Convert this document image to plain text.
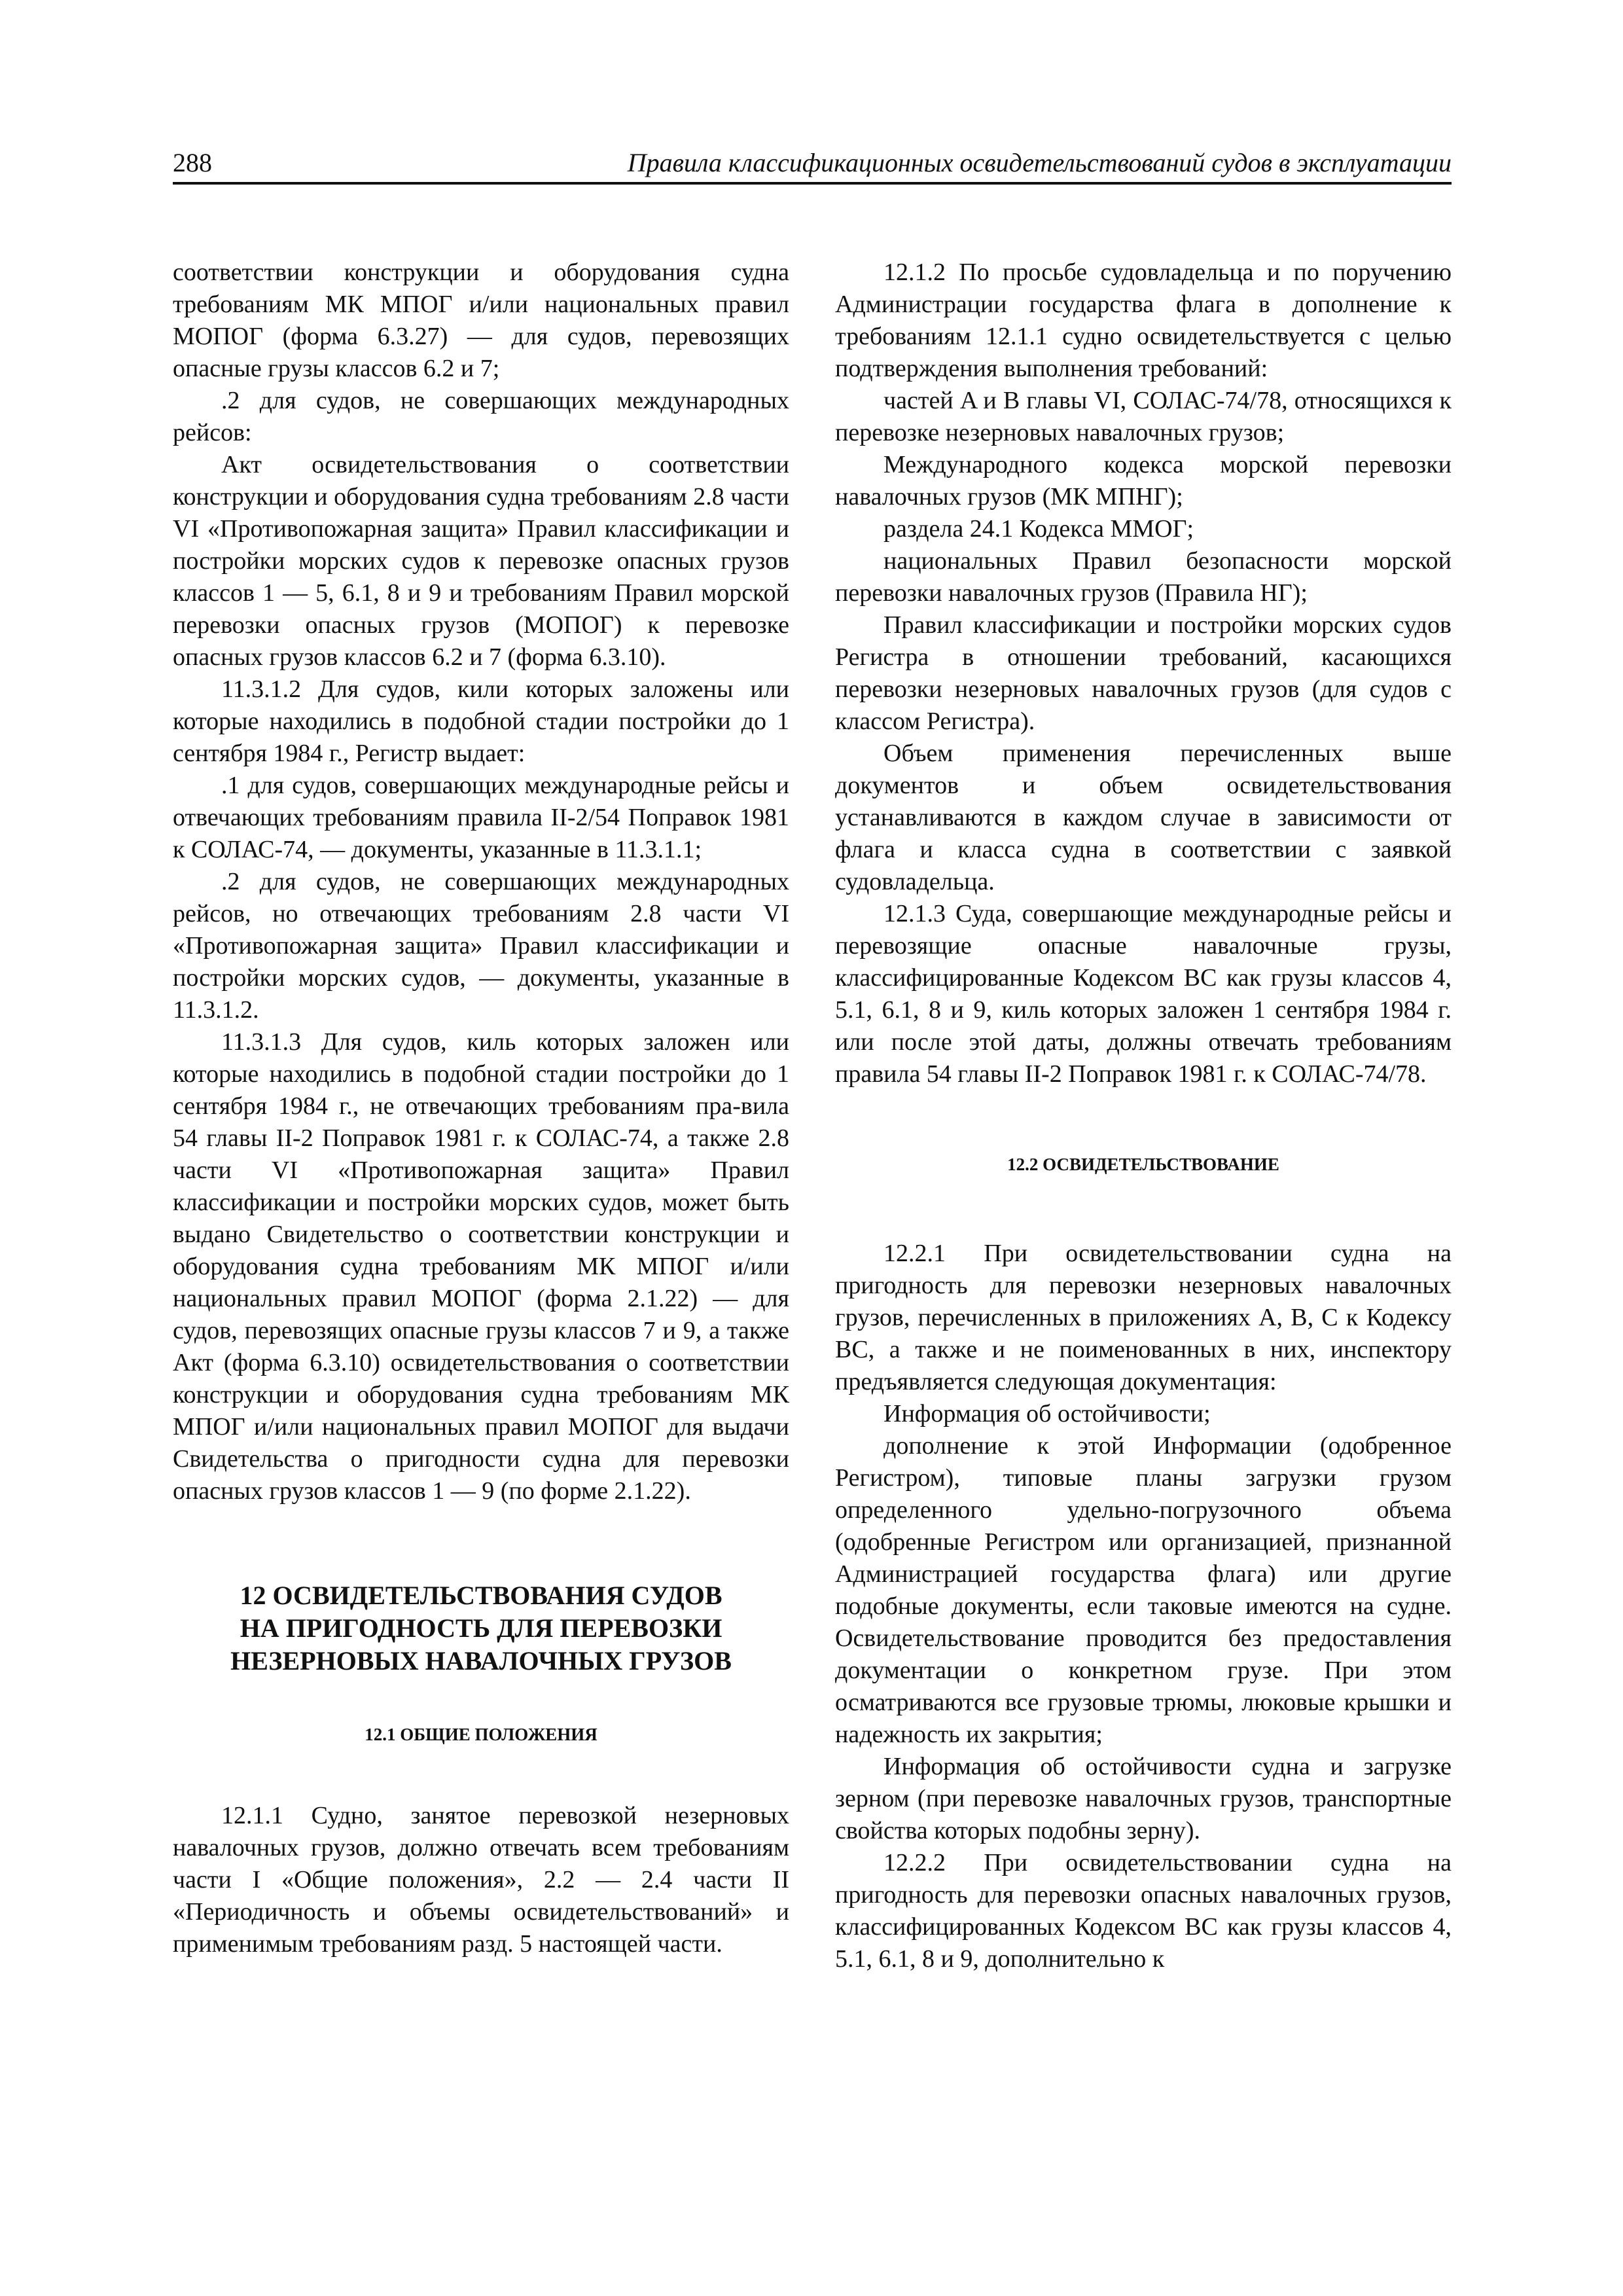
288	Правила классификационных освидетельствований судов в эксплуатации

соответствии конструкции и оборудования судна требованиям МК МПОГ и/или национальных правил МОПОГ (форма 6.3.27) — для судов, перевозящих опасные грузы классов 6.2 и 7;

.2 для судов, не совершающих международных рейсов:

Акт освидетельствования о соответствии конструкции и оборудования судна требованиям 2.8 части VI «Противопожарная защита» Правил классификации и постройки морских судов к перевозке опасных грузов классов 1 — 5, 6.1, 8 и 9 и требованиям Правил морской перевозки опасных грузов (МОПОГ) к перевозке опасных грузов классов 6.2 и 7 (форма 6.3.10).

11.3.1.2 Для судов, кили которых заложены или которые находились в подобной стадии постройки до 1 сентября 1984 г., Регистр выдает:

.1 для судов, совершающих международные рейсы и отвечающих требованиям правила II-2/54 Поправок 1981 к СОЛАС-74, — документы, указанные в 11.3.1.1;

.2 для судов, не совершающих международных рейсов, но отвечающих требованиям 2.8 части VI «Противопожарная защита» Правил классификации и постройки морских судов, — документы, указанные в 11.3.1.2.

11.3.1.3 Для судов, киль которых заложен или которые находились в подобной стадии постройки до 1 сентября 1984 г., не отвечающих требованиям пра-вила 54 главы II-2 Поправок 1981 г. к СОЛАС-74, а также 2.8 части VI «Противопожарная защита» Правил классификации и постройки морских судов, может быть выдано Свидетельство о соответствии конструкции и оборудования судна требованиям МК МПОГ и/или национальных правил МОПОГ (форма 2.1.22) — для судов, перевозящих опасные грузы классов 7 и 9, а также Акт (форма 6.3.10) освидетельствования о соответствии конструкции и оборудования судна требованиям МК МПОГ и/или национальных правил МОПОГ для выдачи Свидетельства о пригодности судна для перевозки опасных грузов классов 1 — 9 (по форме 2.1.22).

12 ОСВИДЕТЕЛЬСТВОВАНИЯ СУДОВ
НА ПРИГОДНОСТЬ ДЛЯ ПЕРЕВОЗКИ
НЕЗЕРНОВЫХ НАВАЛОЧНЫХ ГРУЗОВ
12.1 ОБЩИЕ ПОЛОЖЕНИЯ

12.1.1 Судно, занятое перевозкой незерновых навалочных грузов, должно отвечать всем требованиям части I «Общие положения», 2.2 — 2.4 части II «Периодичность и объемы освидетельствований» и применимым требованиям разд. 5 настоящей части.

12.1.2 По просьбе судовладельца и по поручению Администрации государства флага в дополнение к требованиям 12.1.1 судно освидетельствуется с целью подтверждения выполнения требований:

частей A и B главы VI, СОЛАС-74/78, относящихся к перевозке незерновых навалочных грузов;

Международного кодекса морской перевозки навалочных грузов (МК МПНГ);

раздела 24.1 Кодекса ММОГ;

национальных Правил безопасности морской перевозки навалочных грузов (Правила НГ);

Правил классификации и постройки морских судов Регистра в отношении требований, касающихся перевозки незерновых навалочных грузов (для судов с классом Регистра).

Объем применения перечисленных выше документов и объем освидетельствования устанавливаются в каждом случае в зависимости от флага и класса судна в соответствии с заявкой судовладельца.

12.1.3 Суда, совершающие международные рейсы и перевозящие опасные навалочные грузы, классифицированные Кодексом BC как грузы классов 4, 5.1, 6.1, 8 и 9, киль которых заложен 1 сентября 1984 г. или после этой даты, должны отвечать требованиям правила 54 главы II-2 Поправок 1981 г. к СОЛАС-74/78.

12.2 ОСВИДЕТЕЛЬСТВОВАНИЕ

12.2.1 При освидетельствовании судна на пригодность для перевозки незерновых навалочных грузов, перечисленных в приложениях A, B, C к Кодексу BC, а также и не поименованных в них, инспектору предъявляется следующая документация:

Информация об остойчивости;

дополнение к этой Информации (одобренное Регистром), типовые планы загрузки грузом определенного удельно-погрузочного объема (одобренные Регистром или организацией, признанной Администрацией государства флага) или другие подобные документы, если таковые имеются на судне. Освидетельствование проводится без предоставления документации о конкретном грузе. При этом осматриваются все грузовые трюмы, люковые крышки и надежность их закрытия;

Информация об остойчивости судна и загрузке зерном (при перевозке навалочных грузов, транспортные свойства которых подобны зерну).

12.2.2 При освидетельствовании судна на пригодность для перевозки опасных навалочных грузов, классифицированных Кодексом BC как грузы классов 4, 5.1, 6.1, 8 и 9, дополнительно к
